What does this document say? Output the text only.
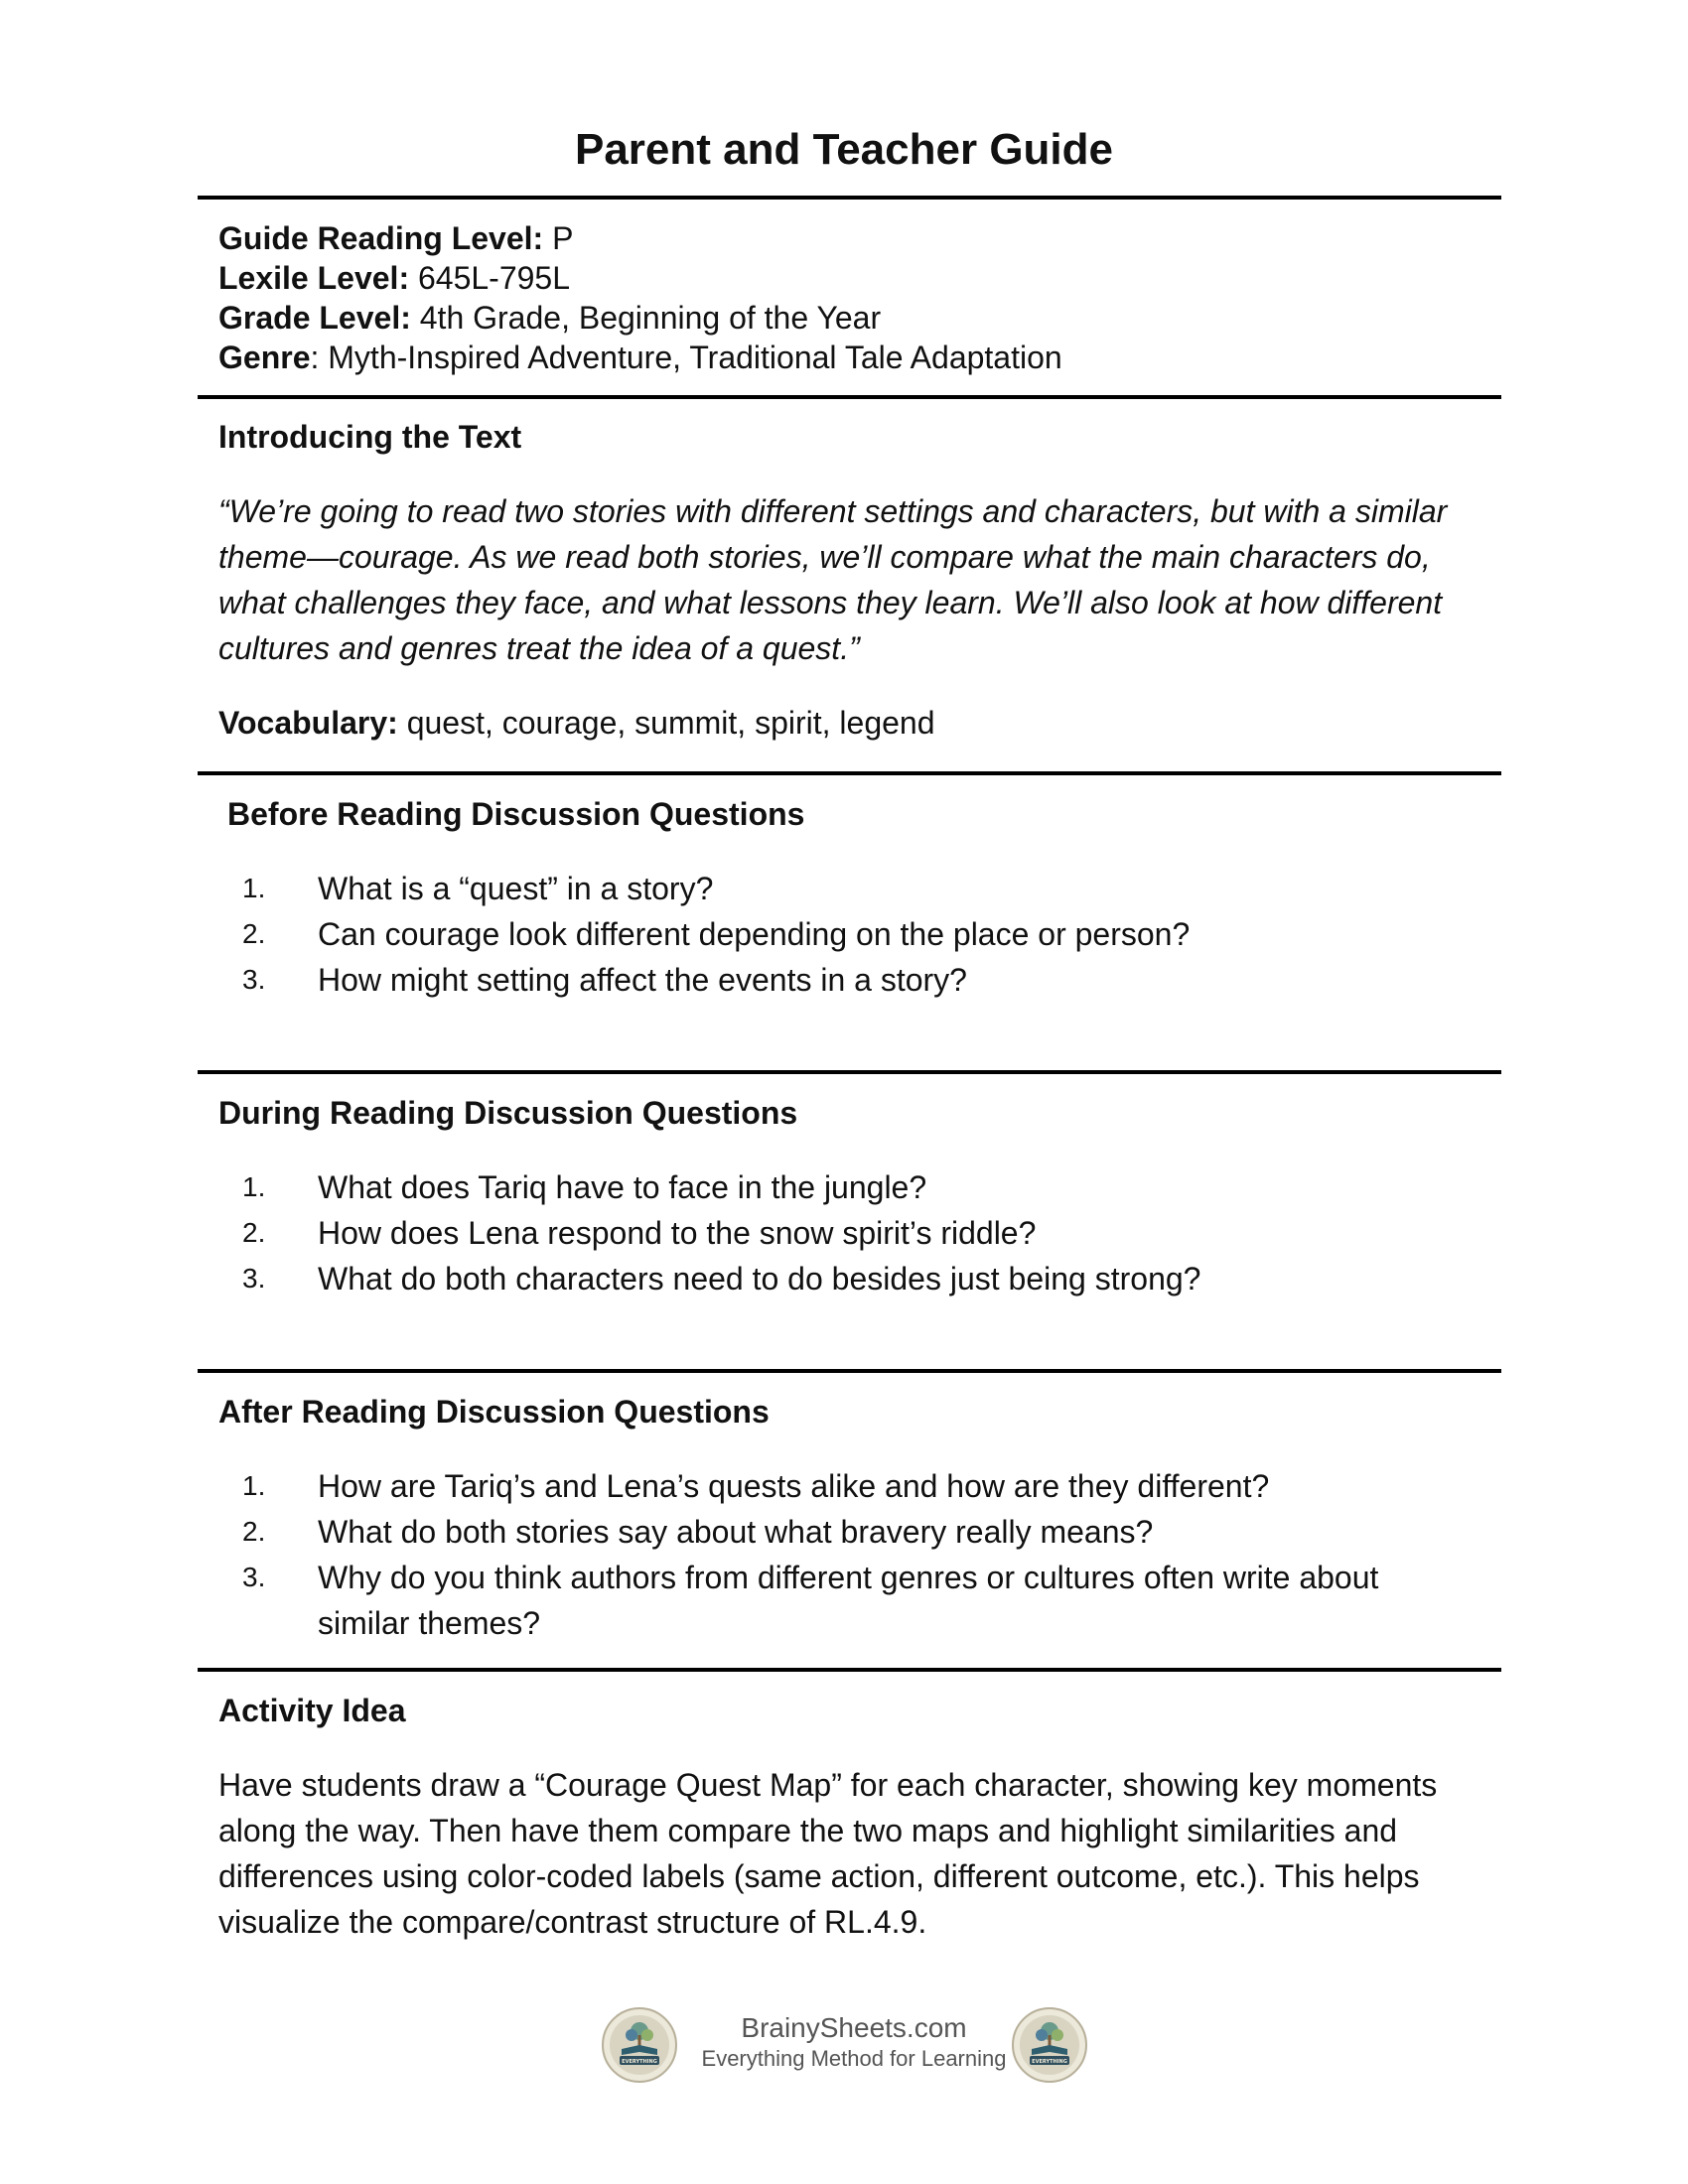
Parent and Teacher Guide
Guide Reading Level: P
Lexile Level: 645L-795L
Grade Level: 4th Grade, Beginning of the Year
Genre: Myth-Inspired Adventure, Traditional Tale Adaptation
Introducing the Text

“We’re going to read two stories with different settings and characters, but with a similar theme—courage. As we read both stories, we’ll compare what the main characters do, what challenges they face, and what lessons they learn. We’ll also look at how different cultures and genres treat the idea of a quest.”

Vocabulary: quest, courage, summit, spirit, legend
Before Reading Discussion Questions
1. What is a “quest” in a story?
2. Can courage look different depending on the place or person?
3. How might setting affect the events in a story?
During Reading Discussion Questions
1. What does Tariq have to face in the jungle?
2. How does Lena respond to the snow spirit’s riddle?
3. What do both characters need to do besides just being strong?
After Reading Discussion Questions
1. How are Tariq’s and Lena’s quests alike and how are they different?
2. What do both stories say about what bravery really means?
3. Why do you think authors from different genres or cultures often write about similar themes?
Activity Idea

Have students draw a “Courage Quest Map” for each character, showing key moments along the way. Then have them compare the two maps and highlight similarities and differences using color-coded labels (same action, different outcome, etc.). This helps visualize the compare/contrast structure of RL.4.9.

EVERYTHING
BrainySheets.com
Everything Method for Learning	EVERYTHING
